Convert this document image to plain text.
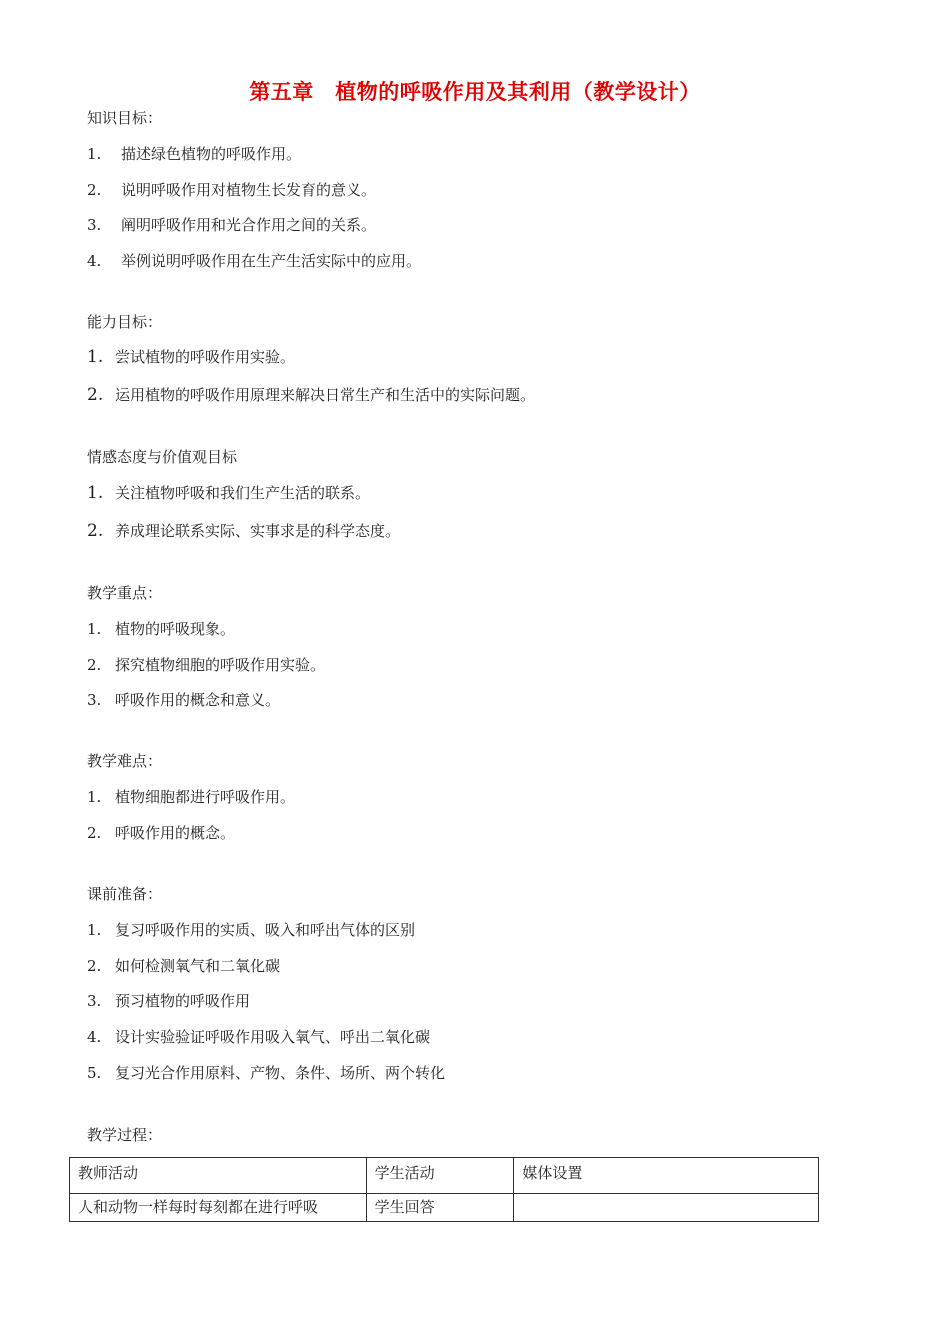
第五章　植物的呼吸作用及其利用（教学设计）
知识目标：
1. 描述绿色植物的呼吸作用。
2. 说明呼吸作用对植物生长发育的意义。
3. 阐明呼吸作用和光合作用之间的关系。
4. 举例说明呼吸作用在生产生活实际中的应用。
能力目标：
1. 尝试植物的呼吸作用实验。
2. 运用植物的呼吸作用原理来解决日常生产和生活中的实际问题。
情感态度与价值观目标
1. 关注植物呼吸和我们生产生活的联系。
2. 养成理论联系实际、实事求是的科学态度。
教学重点：
1. 植物的呼吸现象。
2. 探究植物细胞的呼吸作用实验。
3. 呼吸作用的概念和意义。
教学难点：
1. 植物细胞都进行呼吸作用。
2. 呼吸作用的概念。
课前准备：
1. 复习呼吸作用的实质、吸入和呼出气体的区别
2. 如何检测氧气和二氧化碳
3. 预习植物的呼吸作用
4. 设计实验验证呼吸作用吸入氧气、呼出二氧化碳
5. 复习光合作用原料、产物、条件、场所、两个转化
教学过程：
教师活动	学生活动	媒体设置
人和动物一样每时每刻都在进行呼吸	学生回答	
